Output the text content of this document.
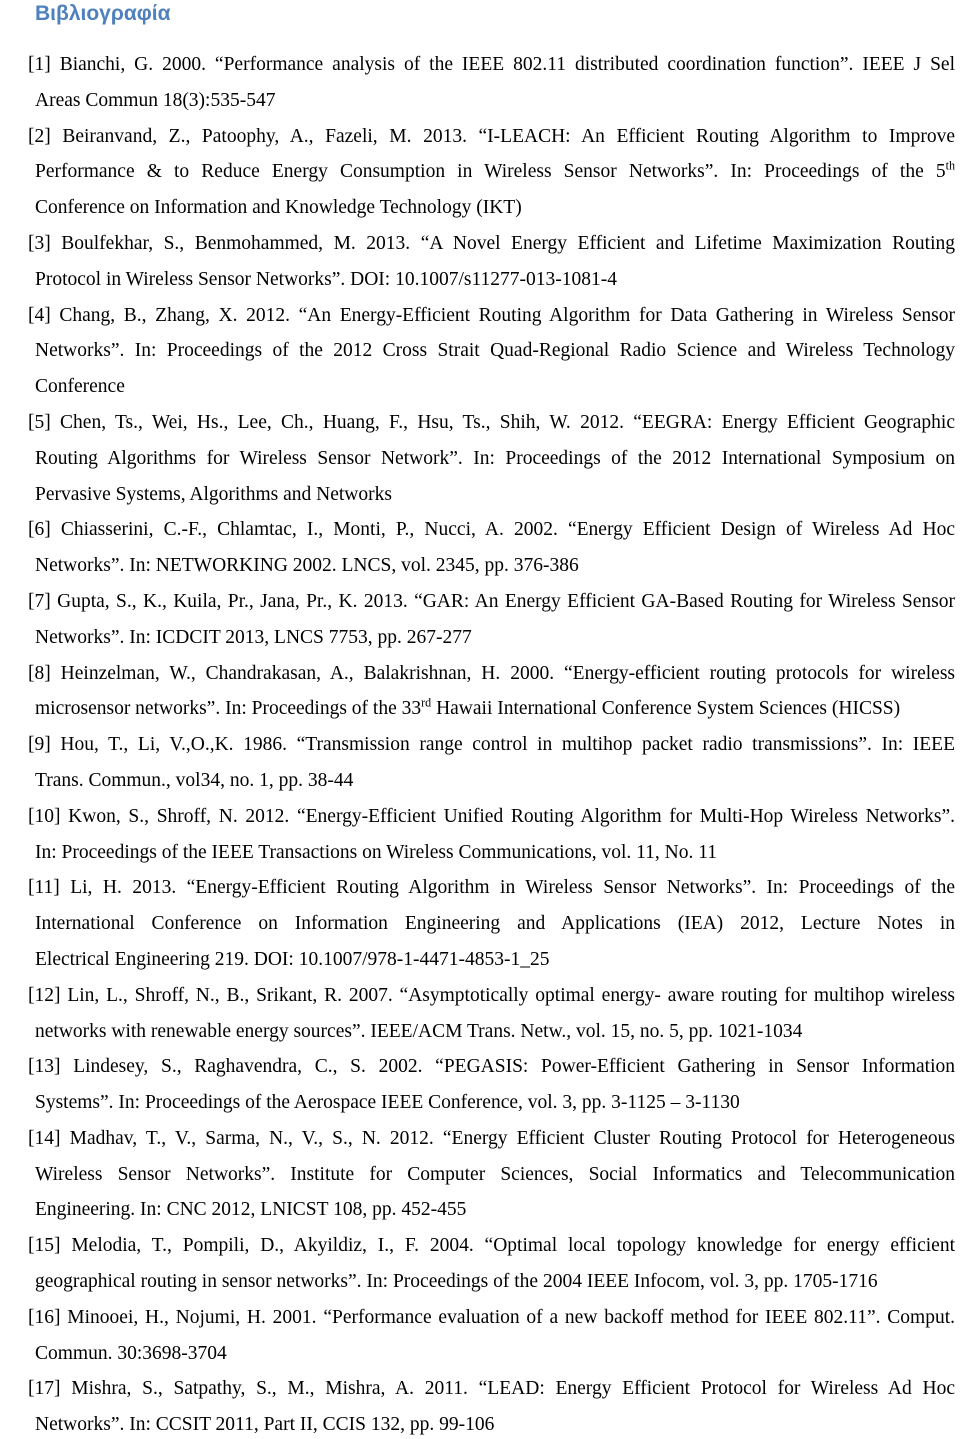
Βιβλιογραφία
[1] Bianchi, G. 2000. “Performance analysis of the IEEE 802.11 distributed coordination function”. IEEE J Sel
Areas Commun 18(3):535-547
[2] Beiranvand, Z., Patoophy, A., Fazeli, M. 2013. “I-LEACH: An Efficient Routing Algorithm to Improve
Performance & to Reduce Energy Consumption in Wireless Sensor Networks”. In: Proceedings of the 5th
Conference on Information and Knowledge Technology (IKT)
[3] Boulfekhar, S., Benmohammed, M. 2013. “A Novel Energy Efficient and Lifetime Maximization Routing
Protocol in Wireless Sensor Networks”. DOI: 10.1007/s11277-013-1081-4
[4] Chang, B., Zhang, X. 2012. “An Energy-Efficient Routing Algorithm for Data Gathering in Wireless Sensor
Networks”. In: Proceedings of the 2012 Cross Strait Quad-Regional Radio Science and Wireless Technology
Conference
[5] Chen, Ts., Wei, Hs., Lee, Ch., Huang, F., Hsu, Ts., Shih, W. 2012. “EEGRA: Energy Efficient Geographic
Routing Algorithms for Wireless Sensor Network”. In: Proceedings of the 2012 International Symposium on
Pervasive Systems, Algorithms and Networks
[6] Chiasserini, C.-F., Chlamtac, I., Monti, P., Nucci, A. 2002. “Energy Efficient Design of Wireless Ad Hoc
Networks”. In: NETWORKING 2002. LNCS, vol. 2345, pp. 376-386
[7] Gupta, S., K., Kuila, Pr., Jana, Pr., K. 2013. “GAR: An Energy Efficient GA-Based Routing for Wireless Sensor
Networks”. In: ICDCIT 2013, LNCS 7753, pp. 267-277
[8] Heinzelman, W., Chandrakasan, A., Balakrishnan, H. 2000. “Energy-efficient routing protocols for wireless
microsensor networks”. In: Proceedings of the 33rd Hawaii International Conference System Sciences (HICSS)
[9] Hou, T., Li, V.,O.,K. 1986. “Transmission range control in multihop packet radio transmissions”. In: IEEE
Trans. Commun., vol34, no. 1, pp. 38-44
[10] Kwon, S., Shroff, N. 2012. “Energy-Efficient Unified Routing Algorithm for Multi-Hop Wireless Networks”.
In: Proceedings of the IEEE Transactions on Wireless Communications, vol. 11, No. 11
[11] Li, H. 2013. “Energy-Efficient Routing Algorithm in Wireless Sensor Networks”. In: Proceedings of the
International Conference on Information Engineering and Applications (IEA) 2012, Lecture Notes in
Electrical Engineering 219. DOI: 10.1007/978-1-4471-4853-1_25
[12] Lin, L., Shroff, N., B., Srikant, R. 2007. “Asymptotically optimal energy- aware routing for multihop wireless
networks with renewable energy sources”. IEEE/ACM Trans. Netw., vol. 15, no. 5, pp. 1021-1034
[13] Lindesey, S., Raghavendra, C., S. 2002. “PEGASIS: Power-Efficient Gathering in Sensor Information
Systems”. In: Proceedings of the Aerospace IEEE Conference, vol. 3, pp. 3-1125 – 3-1130
[14] Madhav, T., V., Sarma, N., V., S., N. 2012. “Energy Efficient Cluster Routing Protocol for Heterogeneous
Wireless Sensor Networks”. Institute for Computer Sciences, Social Informatics and Telecommunication
Engineering. In: CNC 2012, LNICST 108, pp. 452-455
[15] Melodia, T., Pompili, D., Akyildiz, I., F. 2004. “Optimal local topology knowledge for energy efficient
geographical routing in sensor networks”. In: Proceedings of the 2004 IEEE Infocom, vol. 3, pp. 1705-1716
[16] Minooei, H., Nojumi, H. 2001. “Performance evaluation of a new backoff method for IEEE 802.11”. Comput.
Commun. 30:3698-3704
[17] Mishra, S., Satpathy, S., M., Mishra, A. 2011. “LEAD: Energy Efficient Protocol for Wireless Ad Hoc
Networks”. In: CCSIT 2011, Part II, CCIS 132, pp. 99-106
